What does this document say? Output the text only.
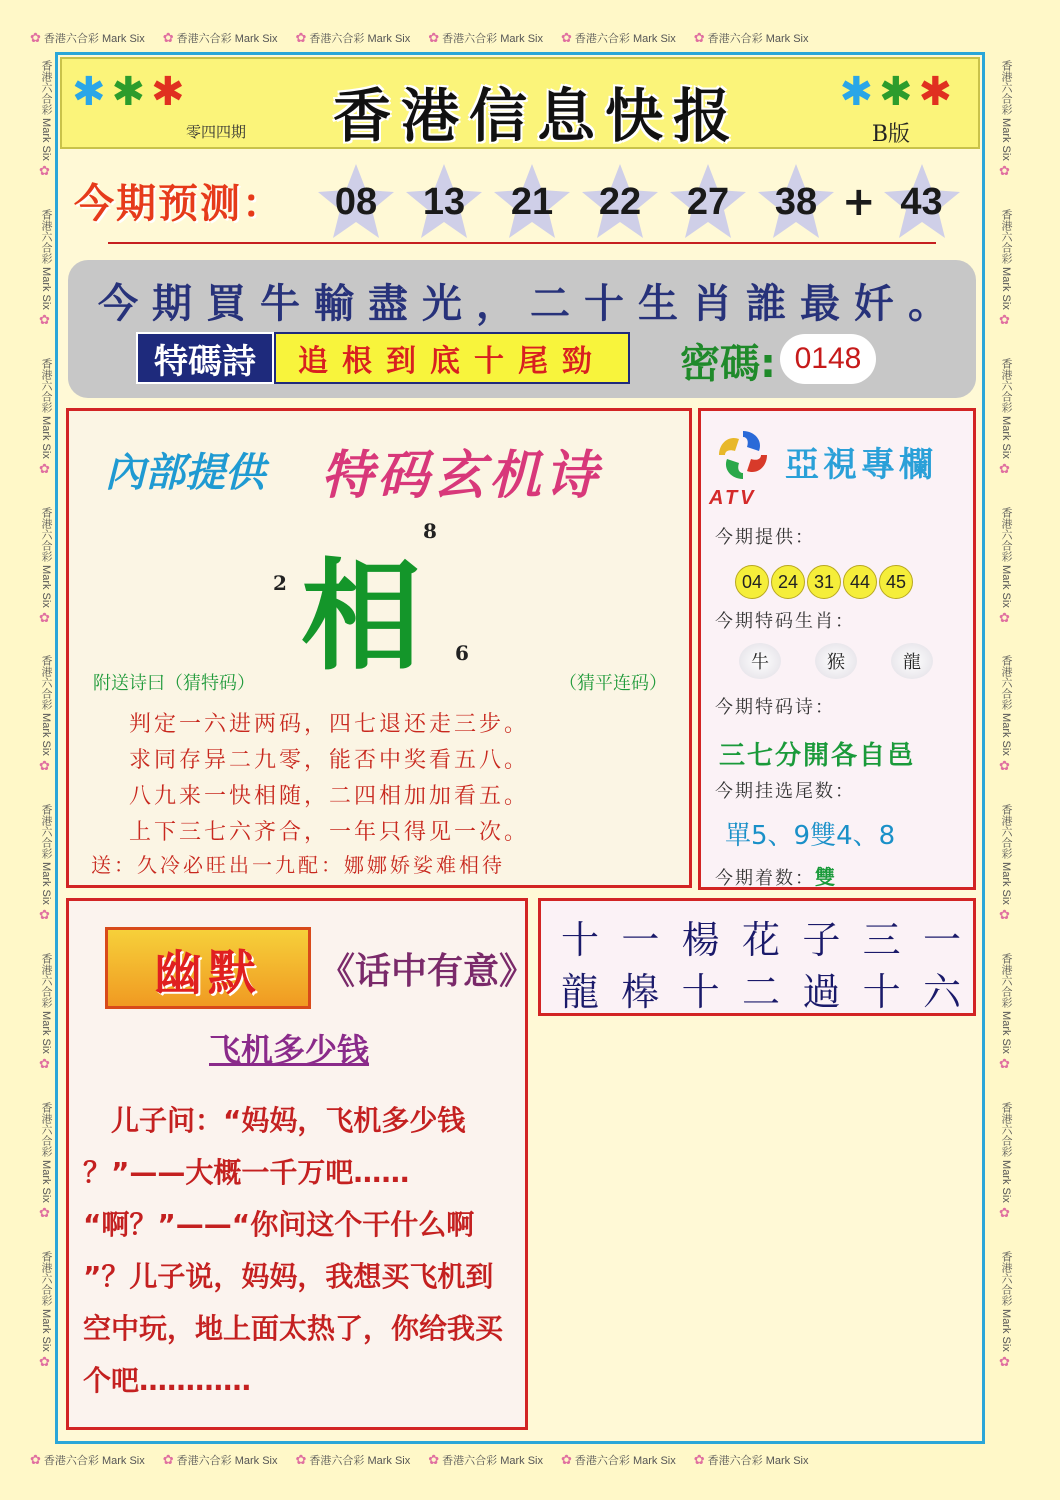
✿ 香港六合彩 Mark Six ✿ 香港六合彩 Mark Six ✿ 香港六合彩 Mark Six ✿ 香港六合彩 Mark Six ✿ 香港六合彩 Mark Six ✿ 香港六合彩 Mark Six
✿ 香港六合彩 Mark Six ✿ 香港六合彩 Mark Six ✿ 香港六合彩 Mark Six ✿ 香港六合彩 Mark Six ✿ 香港六合彩 Mark Six ✿ 香港六合彩 Mark Six
✿
香港六合彩 Mark Six
✿
香港六合彩 Mark Six
✿
香港六合彩 Mark Six
✿
香港六合彩 Mark Six
✿
香港六合彩 Mark Six
✿
香港六合彩 Mark Six
✿
香港六合彩 Mark Six
✿
香港六合彩 Mark Six
✿
香港六合彩 Mark Six
✿
香港六合彩 Mark Six
✿
香港六合彩 Mark Six
✿
香港六合彩 Mark Six
✿
香港六合彩 Mark Six
✿
香港六合彩 Mark Six
✿
香港六合彩 Mark Six
✿
香港六合彩 Mark Six
✿
香港六合彩 Mark Six
✿
香港六合彩 Mark Six
✱✱✱	香港信息快报
零四四期	B版
✱✱✱
今期预测： 08 13 21 22 27 38 + 43
今期買牛輸盡光，二十生肖誰最奷。
特碼詩	追根到底十尾勁	密碼: 0148
內部提供 特码玄机诗
2
8
相 6
附送诗曰（猜特码）	（猜平连码）
判定一六进两码，四七退还走三步。
求同存异二九零，能否中奖看五八。
八九来一快相随，二四相加加看五。
上下三七六齐合，一年只得见一次。
送：久冷必旺出一九配：娜娜娇娑难相待
ATV
亞視專欄
今期提供：
04 24 31 44 45
今期特码生肖：
牛	猴	龍
今期特码诗：
三七分開各自邑
今期挂选尾数：
單5、9雙4、8
今期着数：雙
幽默	《话中有意》
飞机多少钱
　儿子问：“妈妈，飞机多少钱
？”——大概一千万吧……
“啊？”——“你问这个干什么啊
”？儿子说，妈妈，我想买飞机到
空中玩，地上面太热了，你给我买
个吧…………
十 一 楊 花 子 三 一
龍 槔 十 二 過 十 六
